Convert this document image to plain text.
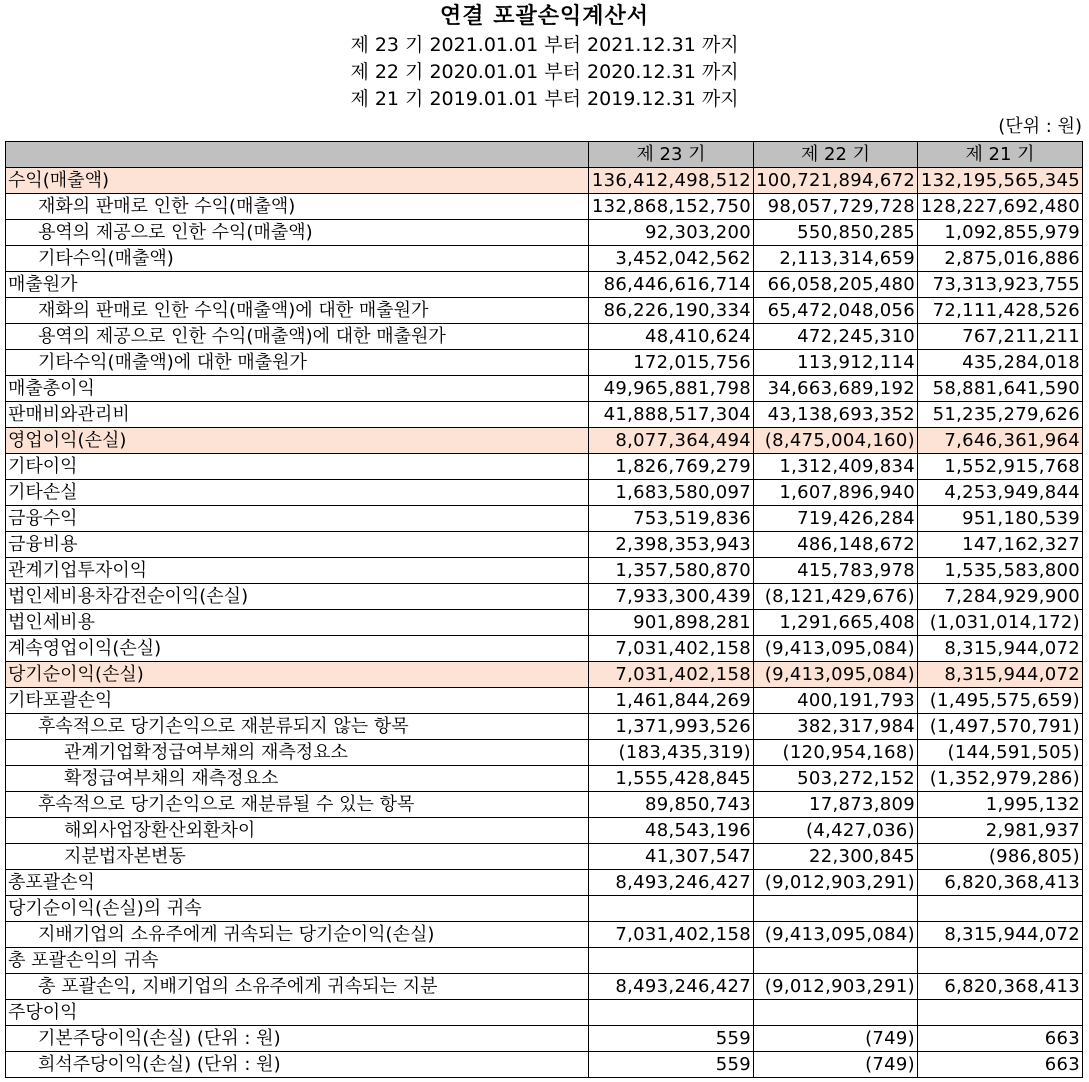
연결 포괄손익계산서
제 23 기 2021.01.01 부터 2021.12.31 까지
제 22 기 2020.01.01 부터 2020.12.31 까지
제 21 기 2019.01.01 부터 2019.12.31 까지
(단위 : 원)
	제 23 기	제 22 기	제 21 기
수익(매출액)	136,412,498,512	100,721,894,672	132,195,565,345
재화의 판매로 인한 수익(매출액)	132,868,152,750	98,057,729,728	128,227,692,480
용역의 제공으로 인한 수익(매출액)	92,303,200	550,850,285	1,092,855,979
기타수익(매출액)	3,452,042,562	2,113,314,659	2,875,016,886
매출원가	86,446,616,714	66,058,205,480	73,313,923,755
재화의 판매로 인한 수익(매출액)에 대한 매출원가	86,226,190,334	65,472,048,056	72,111,428,526
용역의 제공으로 인한 수익(매출액)에 대한 매출원가	48,410,624	472,245,310	767,211,211
기타수익(매출액)에 대한 매출원가	172,015,756	113,912,114	435,284,018
매출총이익	49,965,881,798	34,663,689,192	58,881,641,590
판매비와관리비	41,888,517,304	43,138,693,352	51,235,279,626
영업이익(손실)	8,077,364,494	(8,475,004,160)	7,646,361,964
기타이익	1,826,769,279	1,312,409,834	1,552,915,768
기타손실	1,683,580,097	1,607,896,940	4,253,949,844
금융수익	753,519,836	719,426,284	951,180,539
금융비용	2,398,353,943	486,148,672	147,162,327
관계기업투자이익	1,357,580,870	415,783,978	1,535,583,800
법인세비용차감전순이익(손실)	7,933,300,439	(8,121,429,676)	7,284,929,900
법인세비용	901,898,281	1,291,665,408	(1,031,014,172)
계속영업이익(손실)	7,031,402,158	(9,413,095,084)	8,315,944,072
당기순이익(손실)	7,031,402,158	(9,413,095,084)	8,315,944,072
기타포괄손익	1,461,844,269	400,191,793	(1,495,575,659)
후속적으로 당기손익으로 재분류되지 않는 항목	1,371,993,526	382,317,984	(1,497,570,791)
관계기업확정급여부채의 재측정요소	(183,435,319)	(120,954,168)	(144,591,505)
확정급여부채의 재측정요소	1,555,428,845	503,272,152	(1,352,979,286)
후속적으로 당기손익으로 재분류될 수 있는 항목	89,850,743	17,873,809	1,995,132
해외사업장환산외환차이	48,543,196	(4,427,036)	2,981,937
지분법자본변동	41,307,547	22,300,845	(986,805)
총포괄손익	8,493,246,427	(9,012,903,291)	6,820,368,413
당기순이익(손실)의 귀속			
지배기업의 소유주에게 귀속되는 당기순이익(손실)	7,031,402,158	(9,413,095,084)	8,315,944,072
총 포괄손익의 귀속			
총 포괄손익, 지배기업의 소유주에게 귀속되는 지분	8,493,246,427	(9,012,903,291)	6,820,368,413
주당이익			
기본주당이익(손실) (단위 : 원)	559	(749)	663
희석주당이익(손실) (단위 : 원)	559	(749)	663
